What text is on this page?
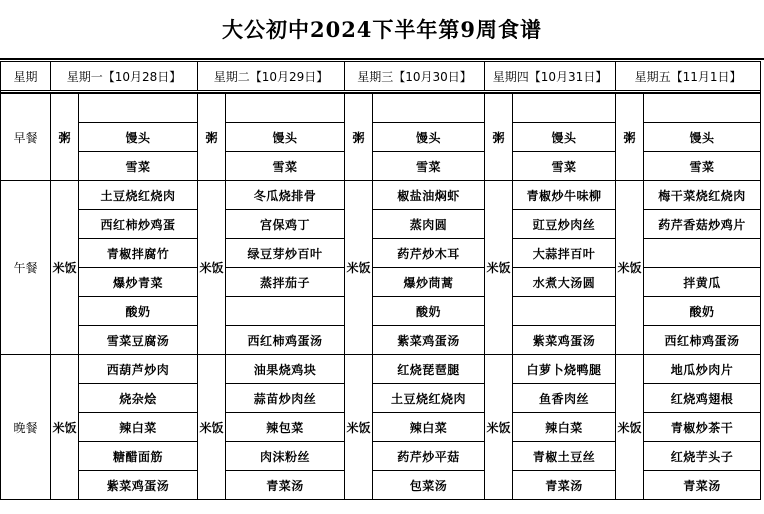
大公初中2024下半年第9周食谱
星期	星期一【10月28日】		星期二【10月29日】		星期三【10月30日】		星期四【10月31日】		星期五【11月1日】	

早餐	粥		粥		粥		粥		粥	
		馒头		馒头		馒头		馒头		馒头
		雪菜		雪菜		雪菜		雪菜		雪菜
午餐	米饭	土豆烧红烧肉	米饭	冬瓜烧排骨	米饭	椒盐油焖虾	米饭	青椒炒牛味柳	米饭	梅干菜烧红烧肉
		西红柿炒鸡蛋		宫保鸡丁		蒸肉圆		豇豆炒肉丝		药芹香菇炒鸡片
		青椒拌腐竹		绿豆芽炒百叶		药芹炒木耳		大蒜拌百叶		
		爆炒青菜		蒸拌茄子		爆炒茼蒿		水煮大汤圆		拌黄瓜
		酸奶				酸奶				酸奶
		雪菜豆腐汤		西红柿鸡蛋汤		紫菜鸡蛋汤		紫菜鸡蛋汤		西红柿鸡蛋汤
晚餐	米饭	西葫芦炒肉	米饭	油果烧鸡块	米饭	红烧琵琶腿	米饭	白萝卜烧鸭腿	米饭	地瓜炒肉片
		烧杂烩		蒜苗炒肉丝		土豆烧红烧肉		鱼香肉丝		红烧鸡翅根
		辣白菜		辣包菜		辣白菜		辣白菜		青椒炒茶干
		糖醋面筋		肉沫粉丝		药芹炒平菇		青椒土豆丝		红烧芋头子
		紫菜鸡蛋汤		青菜汤		包菜汤		青菜汤		青菜汤
